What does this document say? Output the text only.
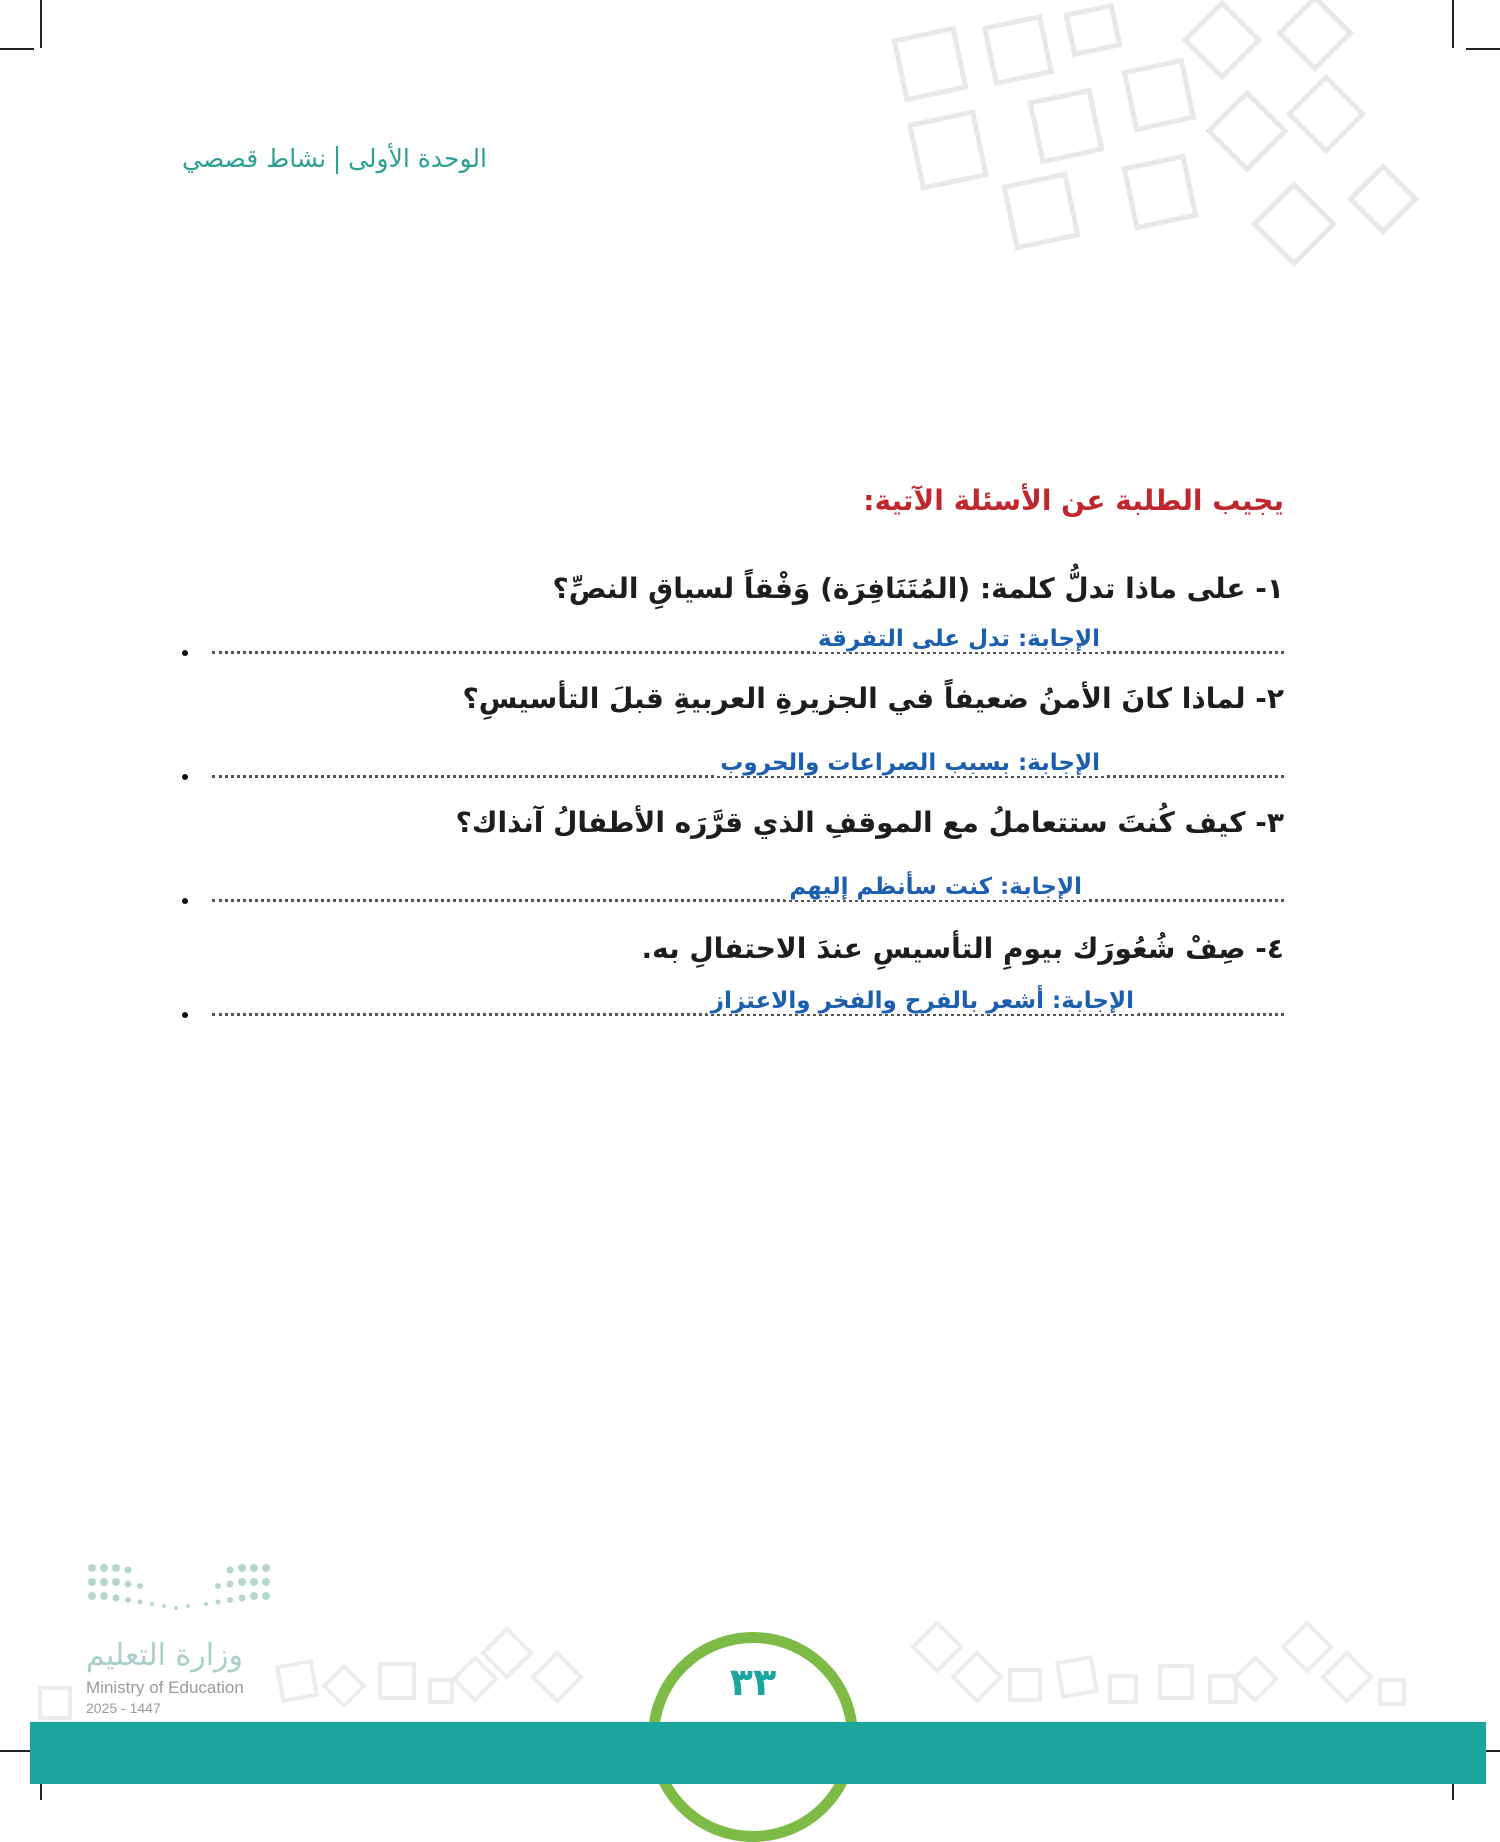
الوحدة الأولىنشاط قصصي
يجيب الطلبة عن الأسئلة الآتية:
١- على ماذا تدلُّ كلمة: (المُتَنَافِرَة) وَفْقاً لسياقِ النصِّ؟
الإجابة: تدل على التفرقة
٢- لماذا كانَ الأمنُ ضعيفاً في الجزيرةِ العربيةِ قبلَ التأسيسِ؟
الإجابة: بسبب الصراعات والحروب
٣- كيف كُنتَ ستتعاملُ مع الموقفِ الذي قرَّرَه الأطفالُ آنذاك؟
الإجابة: كنت سأنظم إليهم
٤- صِفْ شُعُورَك بيومِ التأسيسِ عندَ الاحتفالِ به.
الإجابة: أشعر بالفرح والفخر والاعتزاز
٣٣
وزارة التعليم
Ministry of Education
2025 - 1447
